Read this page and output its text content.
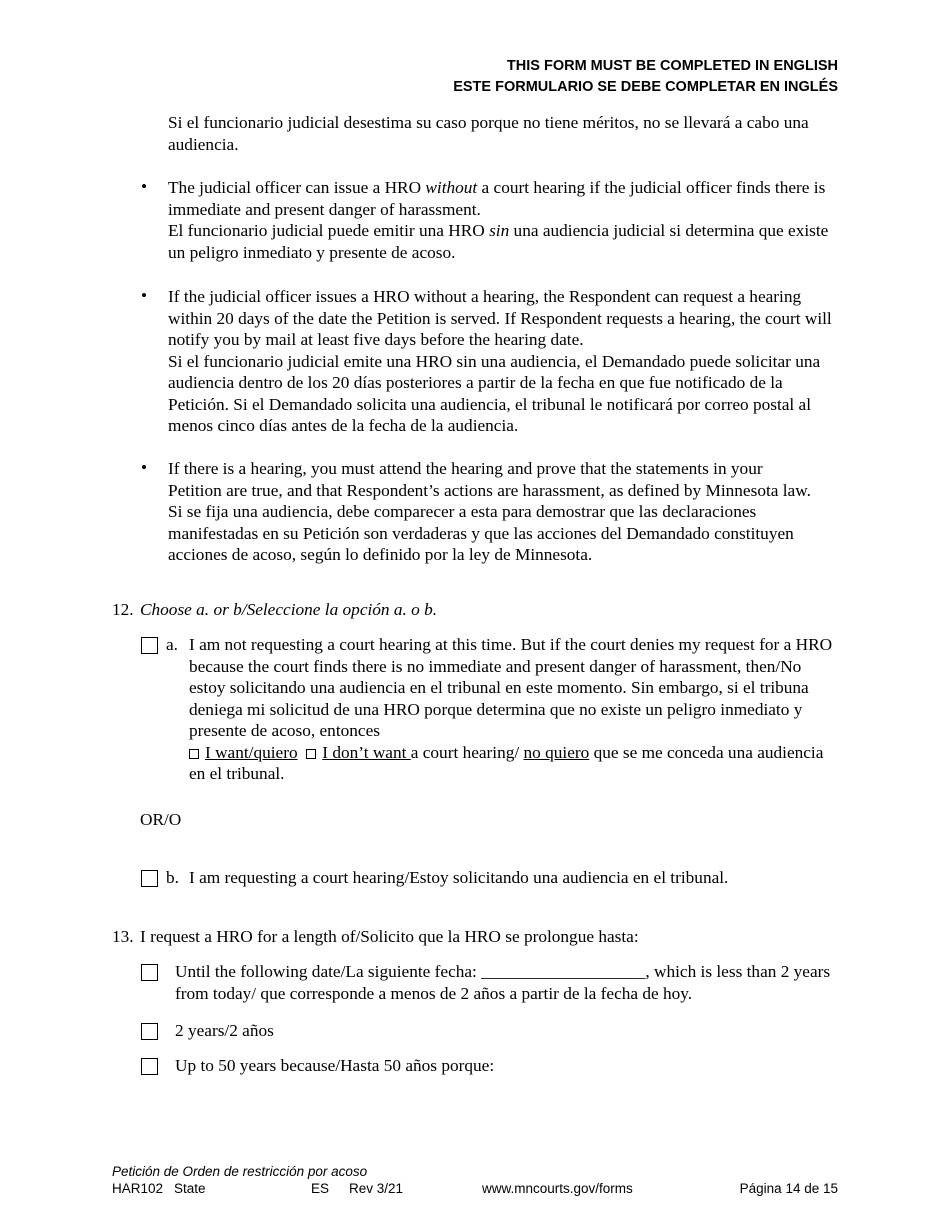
THIS FORM MUST BE COMPLETED IN ENGLISH
ESTE FORMULARIO SE DEBE COMPLETAR EN INGLÉS
Si el funcionario judicial desestima su caso porque no tiene méritos, no se llevará a cabo una audiencia.
• The judicial officer can issue a HRO without a court hearing if the judicial officer finds there is immediate and present danger of harassment.
El funcionario judicial puede emitir una HRO sin una audiencia judicial si determina que existe un peligro inmediato y presente de acoso.
• If the judicial officer issues a HRO without a hearing, the Respondent can request a hearing within 20 days of the date the Petition is served. If Respondent requests a hearing, the court will notify you by mail at least five days before the hearing date.
Si el funcionario judicial emite una HRO sin una audiencia, el Demandado puede solicitar una audiencia dentro de los 20 días posteriores a partir de la fecha en que fue notificado de la Petición. Si el Demandado solicita una audiencia, el tribunal le notificará por correo postal al menos cinco días antes de la fecha de la audiencia.
• If there is a hearing, you must attend the hearing and prove that the statements in your Petition are true, and that Respondent’s actions are harassment, as defined by Minnesota law.
Si se fija una audiencia, debe comparecer a esta para demostrar que las declaraciones manifestadas en su Petición son verdaderas y que las acciones del Demandado constituyen acciones de acoso, según lo definido por la ley de Minnesota.
12. Choose a. or b/Seleccione la opción a. o b.
a. I am not requesting a court hearing at this time. But if the court denies my request for a HRO because the court finds there is no immediate and present danger of harassment, then/No estoy solicitando una audiencia en el tribunal en este momento. Sin embargo, si el tribuna deniega mi solicitud de una HRO porque determina que no existe un peligro inmediato y presente de acoso, entonces
I want/quiero I don’t want a court hearing/ no quiero que se me conceda una audiencia en el tribunal.
OR/O
b. I am requesting a court hearing/Estoy solicitando una audiencia en el tribunal.
13. I request a HRO for a length of/Solicito que la HRO se prolongue hasta:
Until the following date/La siguiente fecha: ___________________, which is less than 2 years from today/ que corresponde a menos de 2 años a partir de la fecha de hoy.
2 years/2 años
Up to 50 years because/Hasta 50 años porque:
Petición de Orden de restricción por acoso
HAR102 State	ES Rev 3/21	www.mncourts.gov/forms	Página 14 de 15
